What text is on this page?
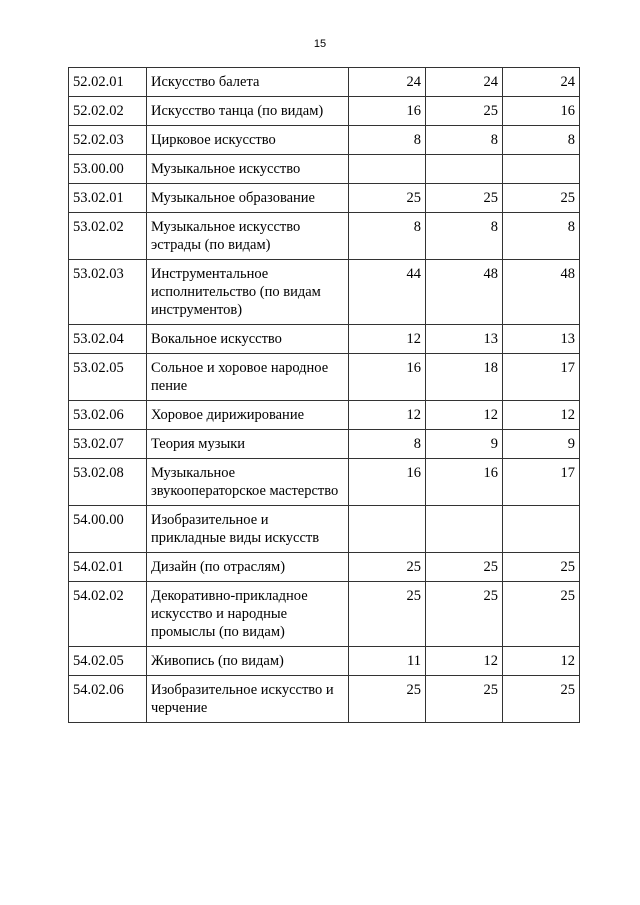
15
52.02.01	Искусство балета	24	24	24
52.02.02	Искусство танца (по видам)	16	25	16
52.02.03	Цирковое искусство	8	8	8
53.00.00	Музыкальное искусство			
53.02.01	Музыкальное образование	25	25	25
53.02.02	Музыкальное искусство эстрады (по видам)	8	8	8
53.02.03	Инструментальное исполнительство (по видам инструментов)	44	48	48
53.02.04	Вокальное искусство	12	13	13
53.02.05	Сольное и хоровое народное пение	16	18	17
53.02.06	Хоровое дирижирование	12	12	12
53.02.07	Теория музыки	8	9	9
53.02.08	Музыкальное звукооператорское мастерство	16	16	17
54.00.00	Изобразительное и прикладные виды искусств			
54.02.01	Дизайн (по отраслям)	25	25	25
54.02.02	Декоративно-прикладное искусство и народные промыслы (по видам)	25	25	25
54.02.05	Живопись (по видам)	11	12	12
54.02.06	Изобразительное искусство и черчение	25	25	25
